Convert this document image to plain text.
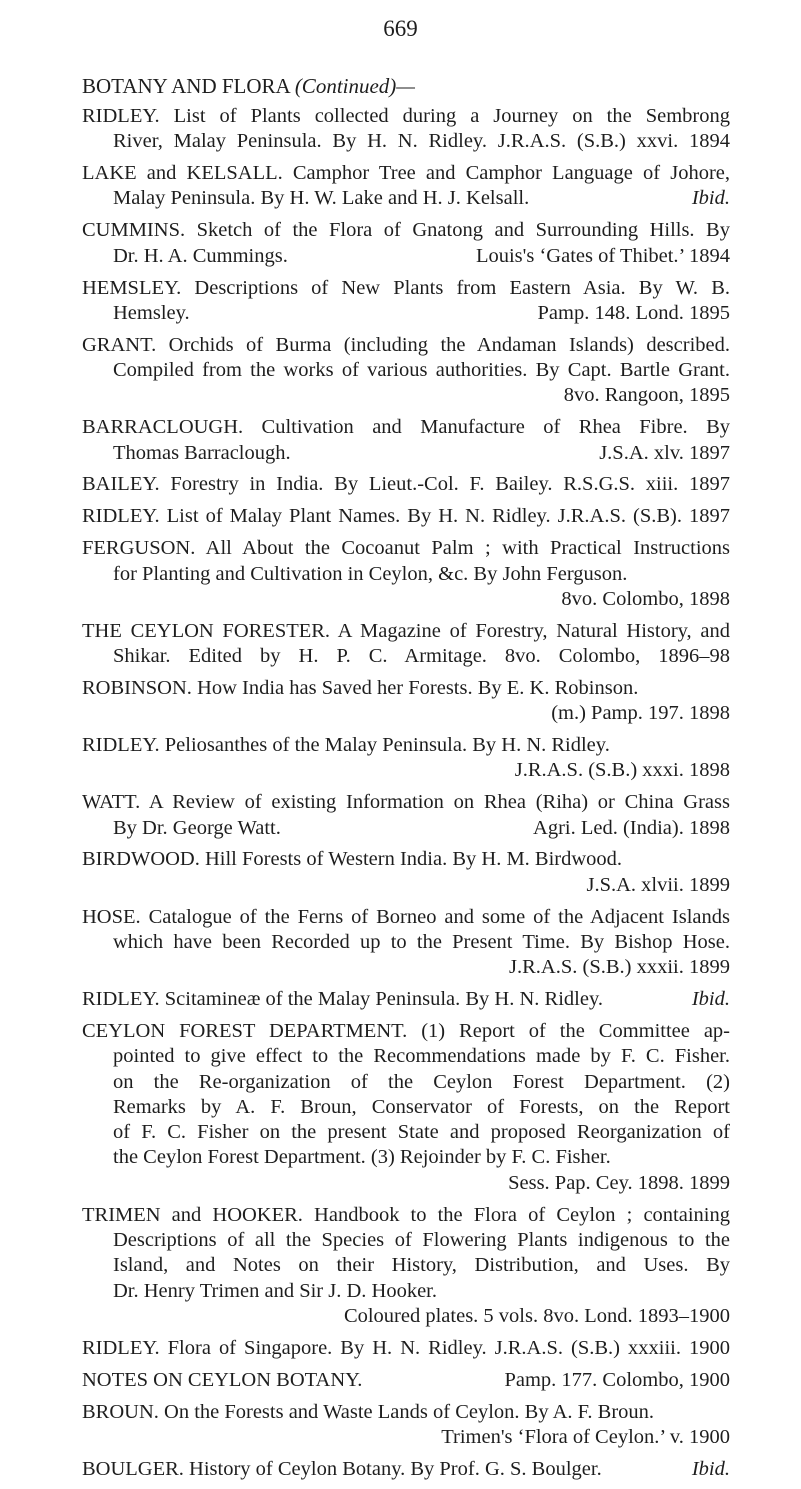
669
BOTANY AND FLORA (Continued)—
RIDLEY. List of Plants collected during a Journey on the Sembrong
River, Malay Peninsula. By H. N. Ridley. J.R.A.S. (S.B.) xxvi. 1894
LAKE and KELSALL. Camphor Tree and Camphor Language of Johore,
Malay Peninsula. By H. W. Lake and H. J. Kelsall.	Ibid.
CUMMINS. Sketch of the Flora of Gnatong and Surrounding Hills. By
Dr. H. A. Cummings.	Louis's ‘Gates of Thibet.’ 1894
HEMSLEY. Descriptions of New Plants from Eastern Asia. By W. B.
Hemsley.	Pamp. 148. Lond. 1895
GRANT. Orchids of Burma (including the Andaman Islands) described.
Compiled from the works of various authorities. By Capt. Bartle Grant.
8vo. Rangoon, 1895
BARRACLOUGH. Cultivation and Manufacture of Rhea Fibre. By
Thomas Barraclough.	J.S.A. xlv. 1897
BAILEY. Forestry in India. By Lieut.-Col. F. Bailey. R.S.G.S. xiii. 1897
RIDLEY. List of Malay Plant Names. By H. N. Ridley. J.R.A.S. (S.B). 1897
FERGUSON. All About the Cocoanut Palm ; with Practical Instructions
for Planting and Cultivation in Ceylon, &c. By John Ferguson.
8vo. Colombo, 1898
THE CEYLON FORESTER. A Magazine of Forestry, Natural History, and
Shikar. Edited by H. P. C. Armitage. 8vo. Colombo, 1896–98
ROBINSON. How India has Saved her Forests. By E. K. Robinson.
(m.) Pamp. 197. 1898
RIDLEY. Peliosanthes of the Malay Peninsula. By H. N. Ridley.
J.R.A.S. (S.B.) xxxi. 1898
WATT. A Review of existing Information on Rhea (Riha) or China Grass
By Dr. George Watt.	Agri. Led. (India). 1898
BIRDWOOD. Hill Forests of Western India. By H. M. Birdwood.
J.S.A. xlvii. 1899
HOSE. Catalogue of the Ferns of Borneo and some of the Adjacent Islands
which have been Recorded up to the Present Time. By Bishop Hose.
J.R.A.S. (S.B.) xxxii. 1899
RIDLEY. Scitamineæ of the Malay Peninsula. By H. N. Ridley.	Ibid.
CEYLON FOREST DEPARTMENT. (1) Report of the Committee ap-
pointed to give effect to the Recommendations made by F. C. Fisher.
on the Re-organization of the Ceylon Forest Department. (2)
Remarks by A. F. Broun, Conservator of Forests, on the Report
of F. C. Fisher on the present State and proposed Reorganization of
the Ceylon Forest Department. (3) Rejoinder by F. C. Fisher.
Sess. Pap. Cey. 1898. 1899
TRIMEN and HOOKER. Handbook to the Flora of Ceylon ; containing
Descriptions of all the Species of Flowering Plants indigenous to the
Island, and Notes on their History, Distribution, and Uses. By
Dr. Henry Trimen and Sir J. D. Hooker.
Coloured plates. 5 vols. 8vo. Lond. 1893–1900
RIDLEY. Flora of Singapore. By H. N. Ridley. J.R.A.S. (S.B.) xxxiii. 1900
NOTES ON CEYLON BOTANY.	Pamp. 177. Colombo, 1900
BROUN. On the Forests and Waste Lands of Ceylon. By A. F. Broun.
Trimen's ‘Flora of Ceylon.’ v. 1900
BOULGER. History of Ceylon Botany. By Prof. G. S. Boulger.	Ibid.
